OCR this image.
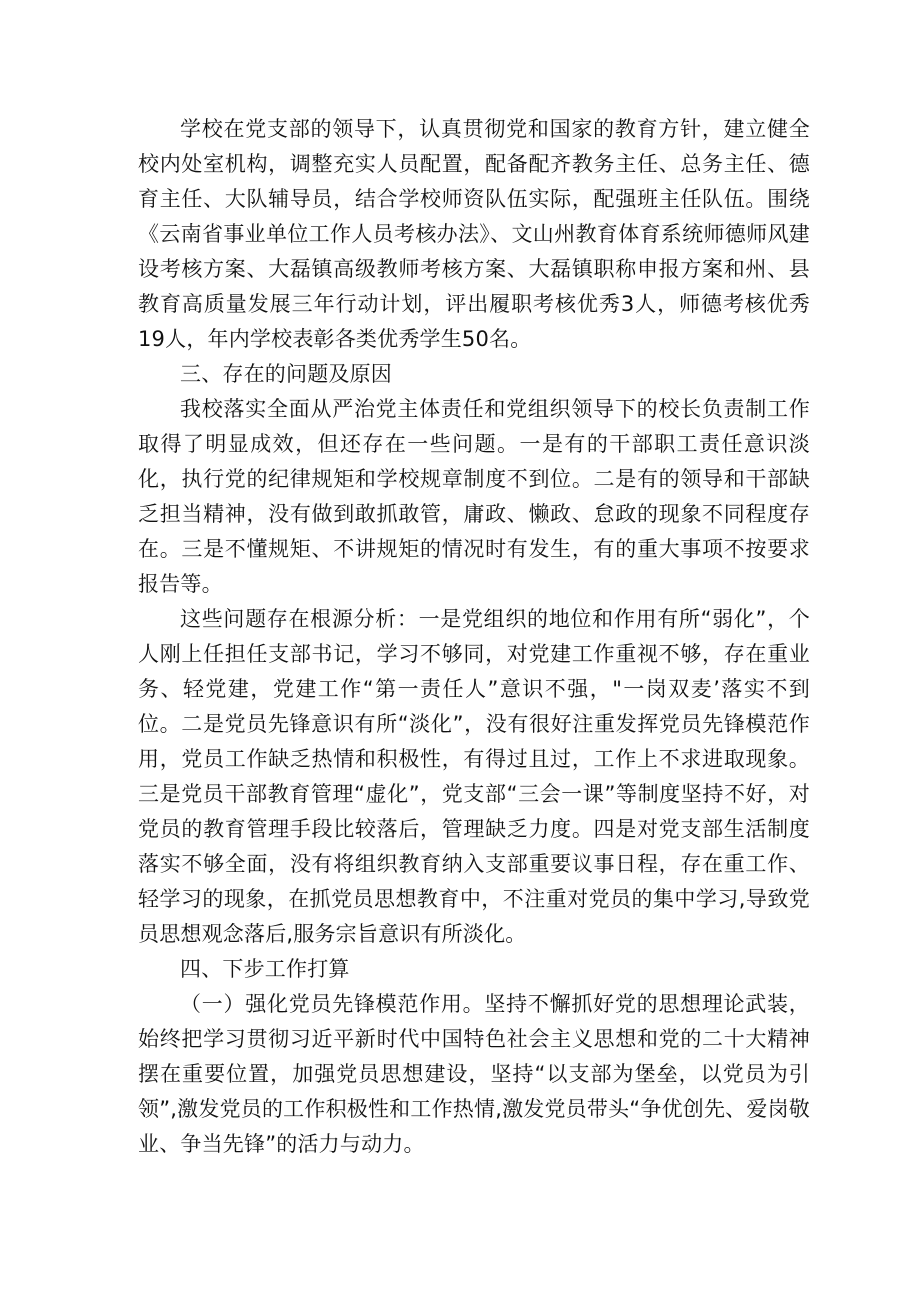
学校在党支部的领导下，认真贯彻党和国家的教育方针，建立健全校内处室机构，调整充实人员配置，配备配齐教务主任、总务主任、德育主任、大队辅导员，结合学校师资队伍实际，配强班主任队伍。围绕《云南省事业单位工作人员考核办法》、文山州教育体育系统师德师风建设考核方案、大磊镇高级教师考核方案、大磊镇职称申报方案和州、县教育高质量发展三年行动计划，评出履职考核优秀3人，师德考核优秀19人，年内学校表彰各类优秀学生50名。

三、存在的问题及原因

我校落实全面从严治党主体责任和党组织领导下的校长负责制工作取得了明显成效，但还存在一些问题。一是有的干部职工责任意识淡化，执行党的纪律规矩和学校规章制度不到位。二是有的领导和干部缺乏担当精神，没有做到敢抓敢管，庸政、懒政、怠政的现象不同程度存在。三是不懂规矩、不讲规矩的情况时有发生，有的重大事项不按要求报告等。

这些问题存在根源分析：一是党组织的地位和作用有所“弱化”，个人刚上任担任支部书记，学习不够同，对党建工作重视不够，存在重业务、轻党建，党建工作“第一责任人”意识不强，"一岗双麦’落实不到位。二是党员先锋意识有所“淡化”，没有很好注重发挥党员先锋模范作用，党员工作缺乏热情和积极性，有得过且过，工作上不求进取现象。三是党员干部教育管理“虚化”，党支部“三会一课”等制度坚持不好，对党员的教育管理手段比较落后，管理缺乏力度。四是对党支部生活制度落实不够全面，没有将组织教育纳入支部重要议事日程，存在重工作、轻学习的现象，在抓党员思想教育中，不注重对党员的集中学习,导致党员思想观念落后,服务宗旨意识有所淡化。

四、下步工作打算

（一）强化党员先锋模范作用。坚持不懈抓好党的思想理论武装，始终把学习贯彻习近平新时代中国特色社会主义思想和党的二十大精神摆在重要位置，加强党员思想建设，坚持“以支部为堡垒，以党员为引领”,激发党员的工作积极性和工作热情,激发党员带头“争优创先、爱岗敬业、争当先锋”的活力与动力。
